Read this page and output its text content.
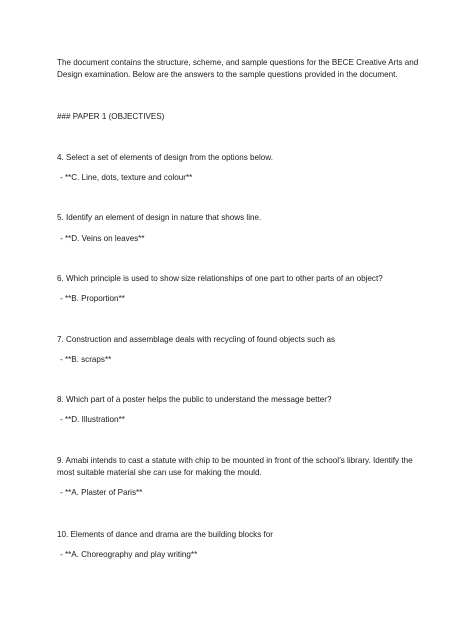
The document contains the structure, scheme, and sample questions for the BECE Creative Arts and
Design examination. Below are the answers to the sample questions provided in the document.
### PAPER 1 (OBJECTIVES)
4. Select a set of elements of design from the options below.
- **C. Line, dots, texture and colour**
5. Identify an element of design in nature that shows line.
- **D. Veins on leaves**
6. Which principle is used to show size relationships of one part to other parts of an object?
- **B. Proportion**
7. Construction and assemblage deals with recycling of found objects such as
- **B. scraps**
8. Which part of a poster helps the public to understand the message better?
- **D. Illustration**
9. Amabi intends to cast a statute with chip to be mounted in front of the school’s library. Identify the
most suitable material she can use for making the mould.
- **A. Plaster of Paris**
10. Elements of dance and drama are the building blocks for
- **A. Choreography and play writing**
